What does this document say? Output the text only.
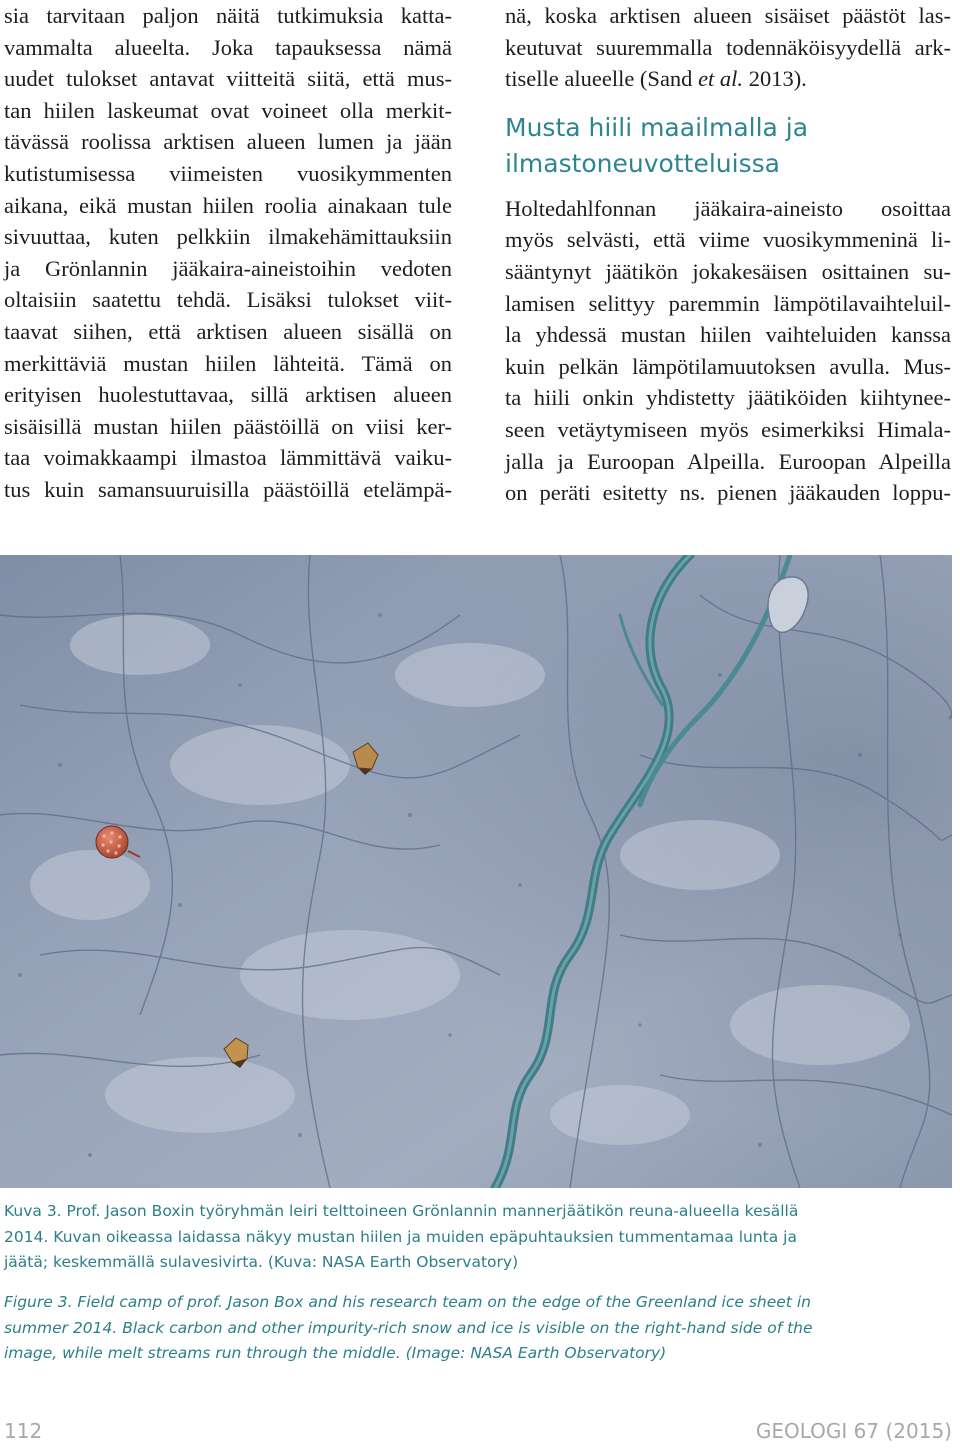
sia tarvitaan paljon näitä tutkimuksia katta-
vammalta alueelta. Joka tapauksessa nämä
uudet tulokset antavat viitteitä siitä, että mus-
tan hiilen laskeumat ovat voineet olla merkit-
tävässä roolissa arktisen alueen lumen ja jään
kutistumisessa viimeisten vuosikymmenten
aikana, eikä mustan hiilen roolia ainakaan tule
sivuuttaa, kuten pelkkiin ilmakehämittauksiin
ja Grönlannin jääkaira-aineistoihin vedoten
oltaisiin saatettu tehdä. Lisäksi tulokset viit-
taavat siihen, että arktisen alueen sisällä on
merkittäviä mustan hiilen lähteitä. Tämä on
erityisen huolestuttavaa, sillä arktisen alueen
sisäisillä mustan hiilen päästöillä on viisi ker-
taa voimakkaampi ilmastoa lämmittävä vaiku-
tus kuin samansuuruisilla päästöillä etelämpä-
nä, koska arktisen alueen sisäiset päästöt las-
keutuvat suuremmalla todennäköisyydellä ark-
tiselle alueelle (Sand et al. 2013).
Musta hiili maailmalla ja
ilmastoneuvotteluissa
Holtedahlfonnan jääkaira-aineisto osoittaa
myös selvästi, että viime vuosikymmeninä li-
sääntynyt jäätikön jokakesäisen osittainen su-
lamisen selittyy paremmin lämpötilavaihteluil-
la yhdessä mustan hiilen vaihteluiden kanssa
kuin pelkän lämpötilamuutoksen avulla. Mus-
ta hiili onkin yhdistetty jäätiköiden kiihtynee-
seen vetäytymiseen myös esimerkiksi Himala-
jalla ja Euroopan Alpeilla. Euroopan Alpeilla
on peräti esitetty ns. pienen jääkauden loppu-
Kuva 3. Prof. Jason Boxin työryhmän leiri telttoineen Grönlannin mannerjäätikön reuna-alueella kesällä
2014. Kuvan oikeassa laidassa näkyy mustan hiilen ja muiden epäpuhtauksien tummentamaa lunta ja
jäätä; keskemmällä sulavesivirta. (Kuva: NASA Earth Observatory)
Figure 3. Field camp of prof. Jason Box and his research team on the edge of the Greenland ice sheet in
summer 2014. Black carbon and other impurity-rich snow and ice is visible on the right-hand side of the
image, while melt streams run through the middle. (Image: NASA Earth Observatory)
112	GEOLOGI 67 (2015)
